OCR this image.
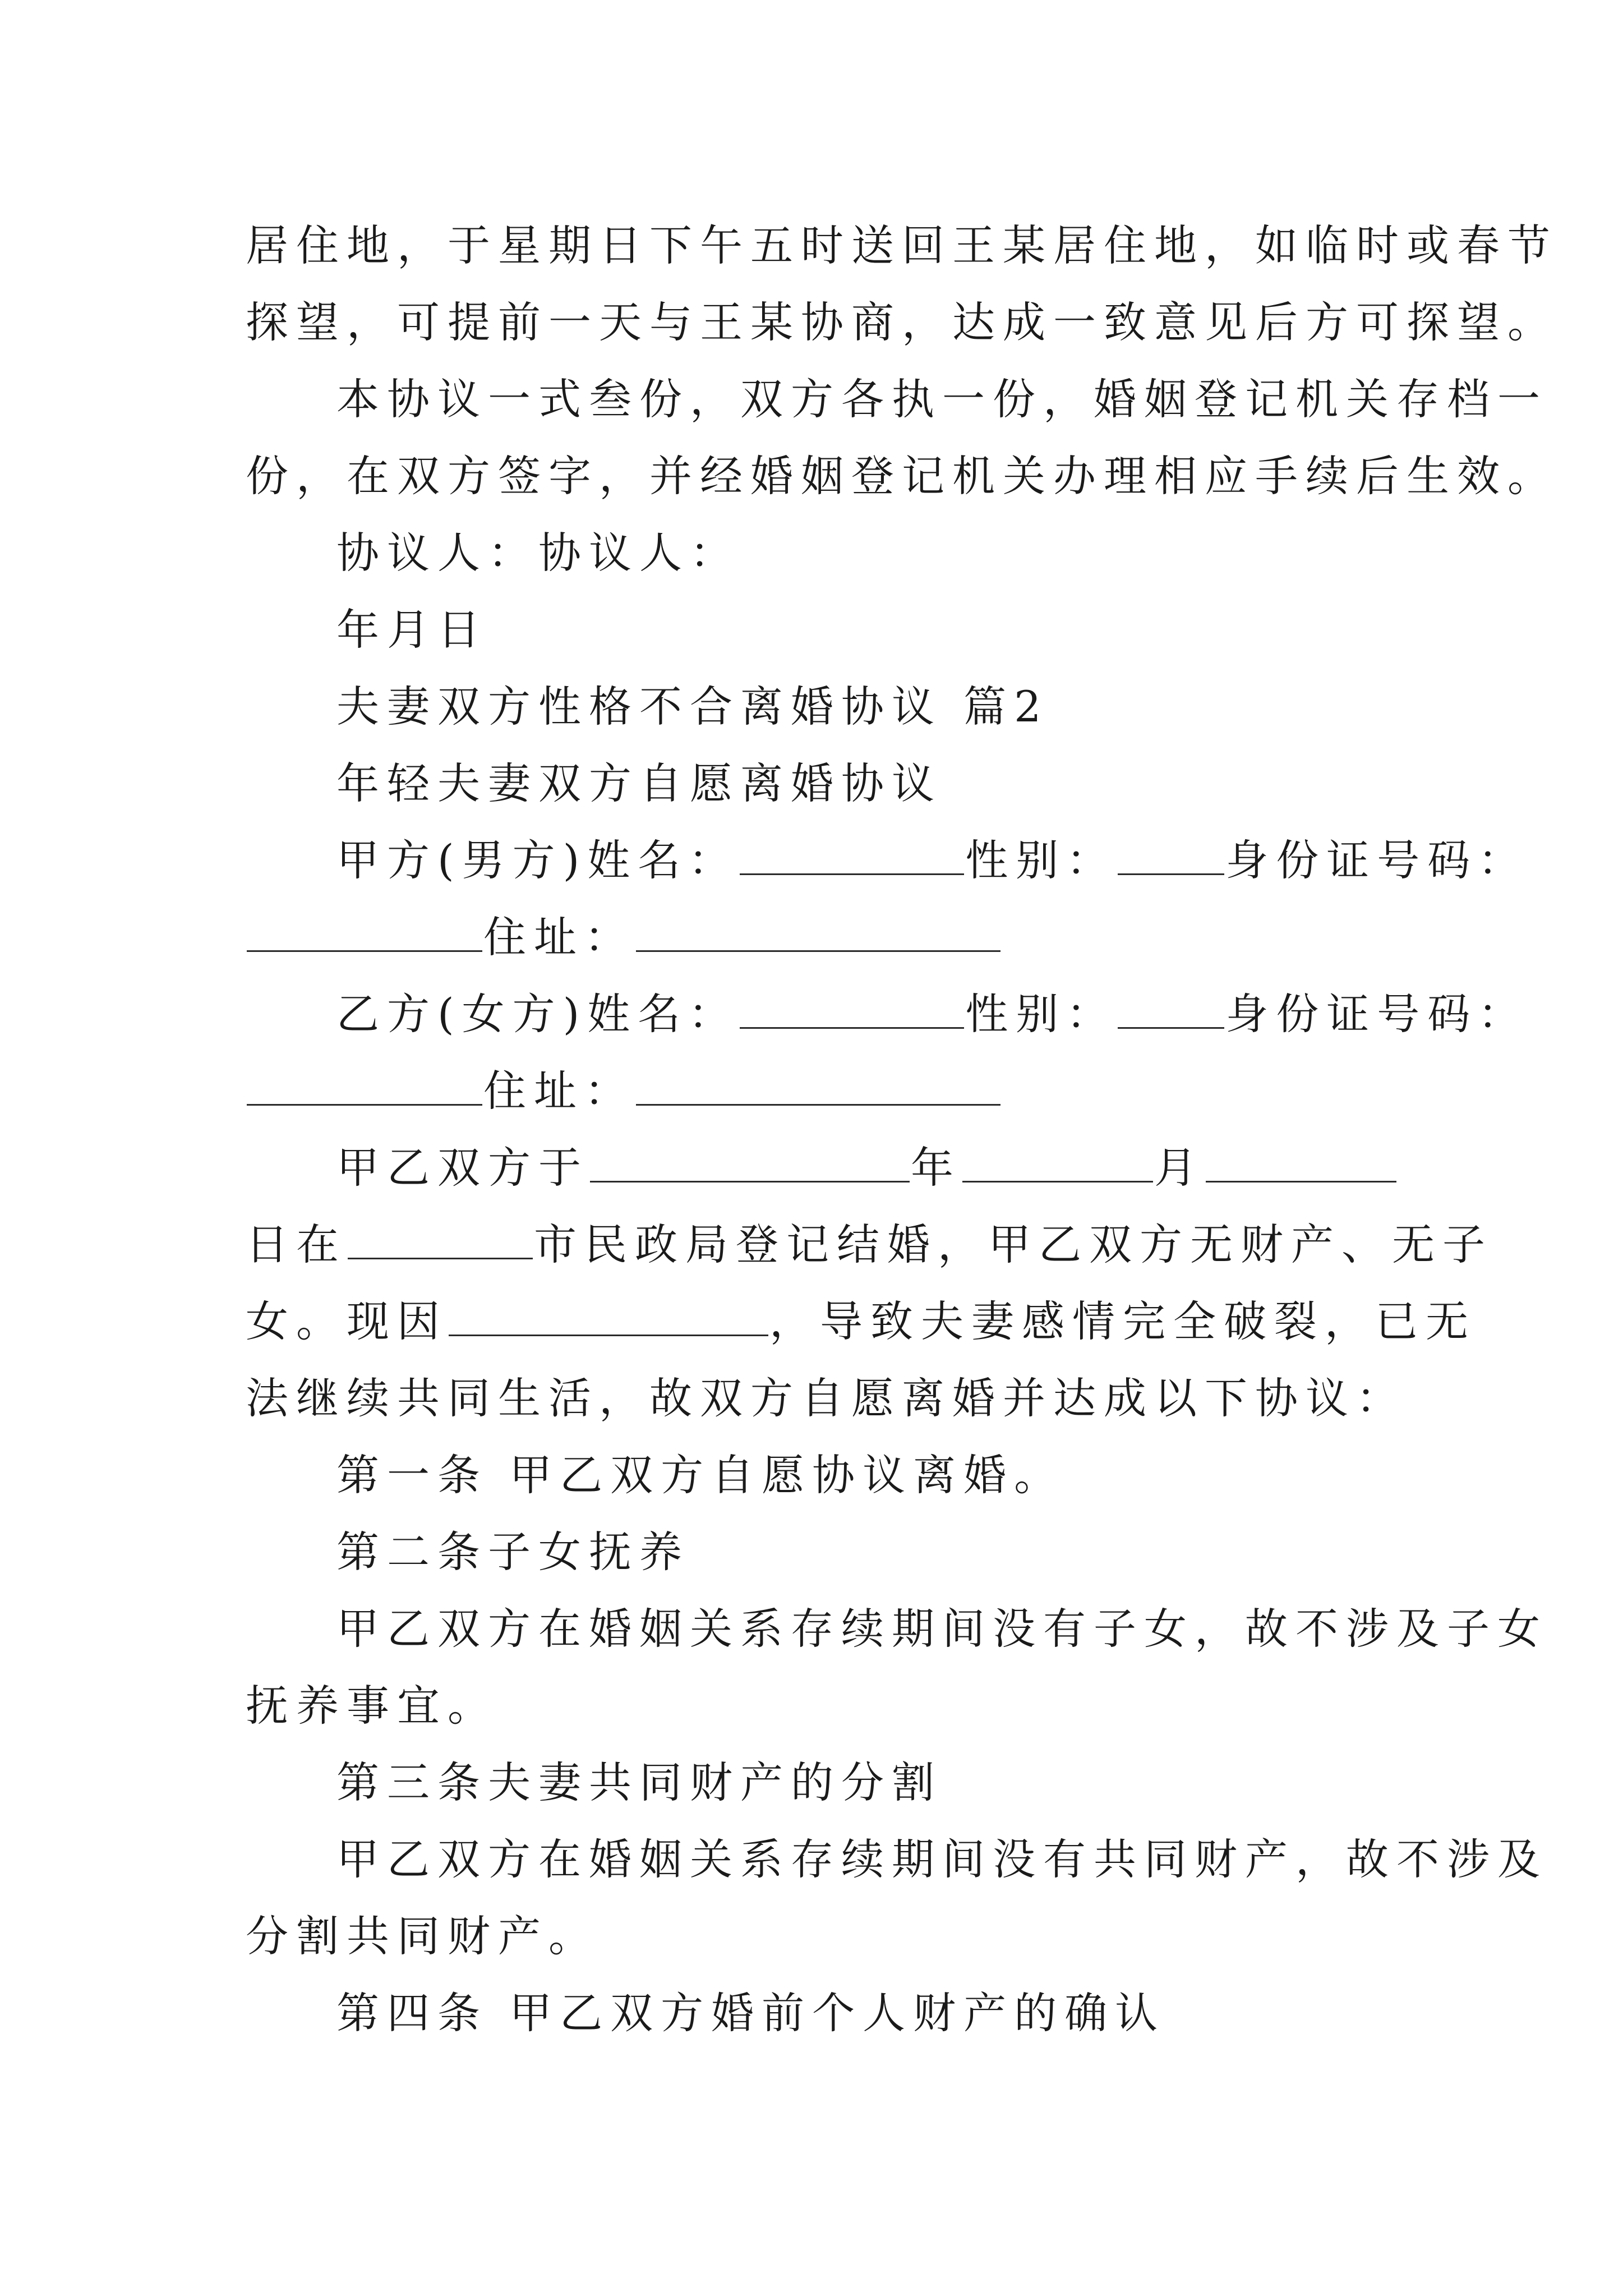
居住地，于星期日下午五时送回王某居住地，如临时或春节
探望，可提前一天与王某协商，达成一致意见后方可探望。
本协议一式叁份，双方各执一份，婚姻登记机关存档一
份，在双方签字，并经婚姻登记机关办理相应手续后生效。
协议人：协议人：
年月日
夫妻双方性格不合离婚协议 篇2
年轻夫妻双方自愿离婚协议
甲方(男方)姓名：	性别：	身份证号码：
住址：
乙方(女方)姓名：	性别：	身份证号码：
住址：
甲乙双方于	年	月
日在	市民政局登记结婚，甲乙双方无财产、无子
女。现因	，导致夫妻感情完全破裂，已无
法继续共同生活，故双方自愿离婚并达成以下协议：
第一条 甲乙双方自愿协议离婚。
第二条子女抚养
甲乙双方在婚姻关系存续期间没有子女，故不涉及子女
抚养事宜。
第三条夫妻共同财产的分割
甲乙双方在婚姻关系存续期间没有共同财产，故不涉及
分割共同财产。
第四条 甲乙双方婚前个人财产的确认
